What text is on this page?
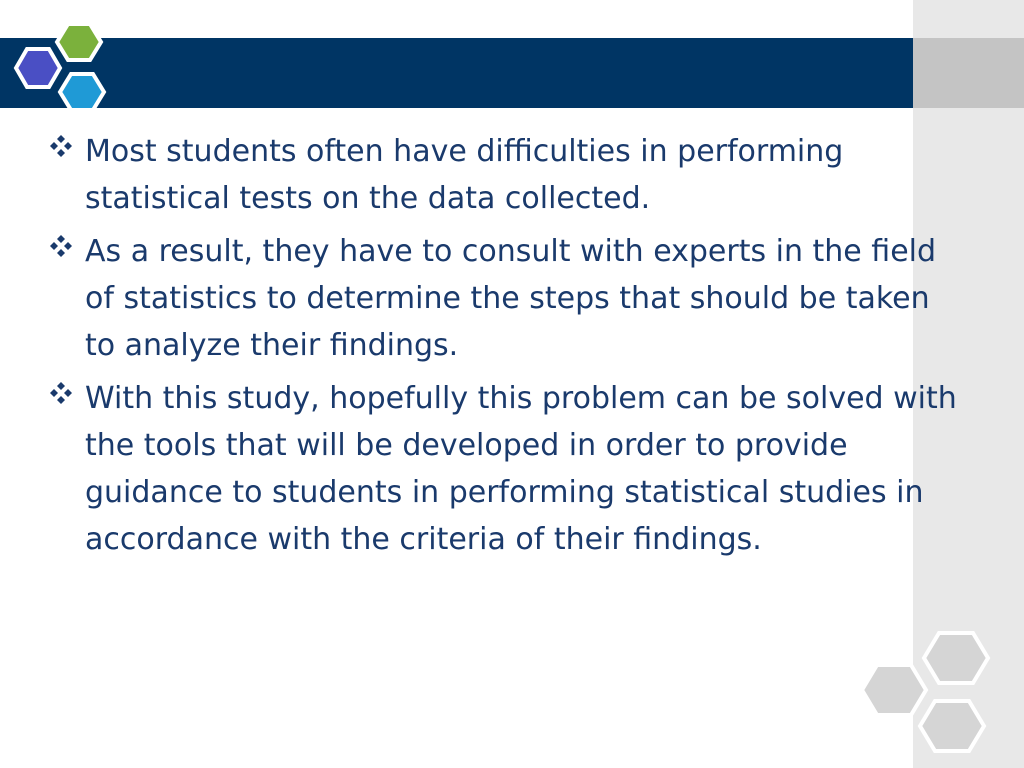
Most students often have difficulties in performing statistical tests on the data collected.
As a result, they have to consult with experts in the field of statistics to determine the steps that should be taken to analyze their findings.
With this study, hopefully this problem can be solved with the tools that will be developed in order to provide guidance to students in performing statistical studies in accordance with the criteria of their findings.
